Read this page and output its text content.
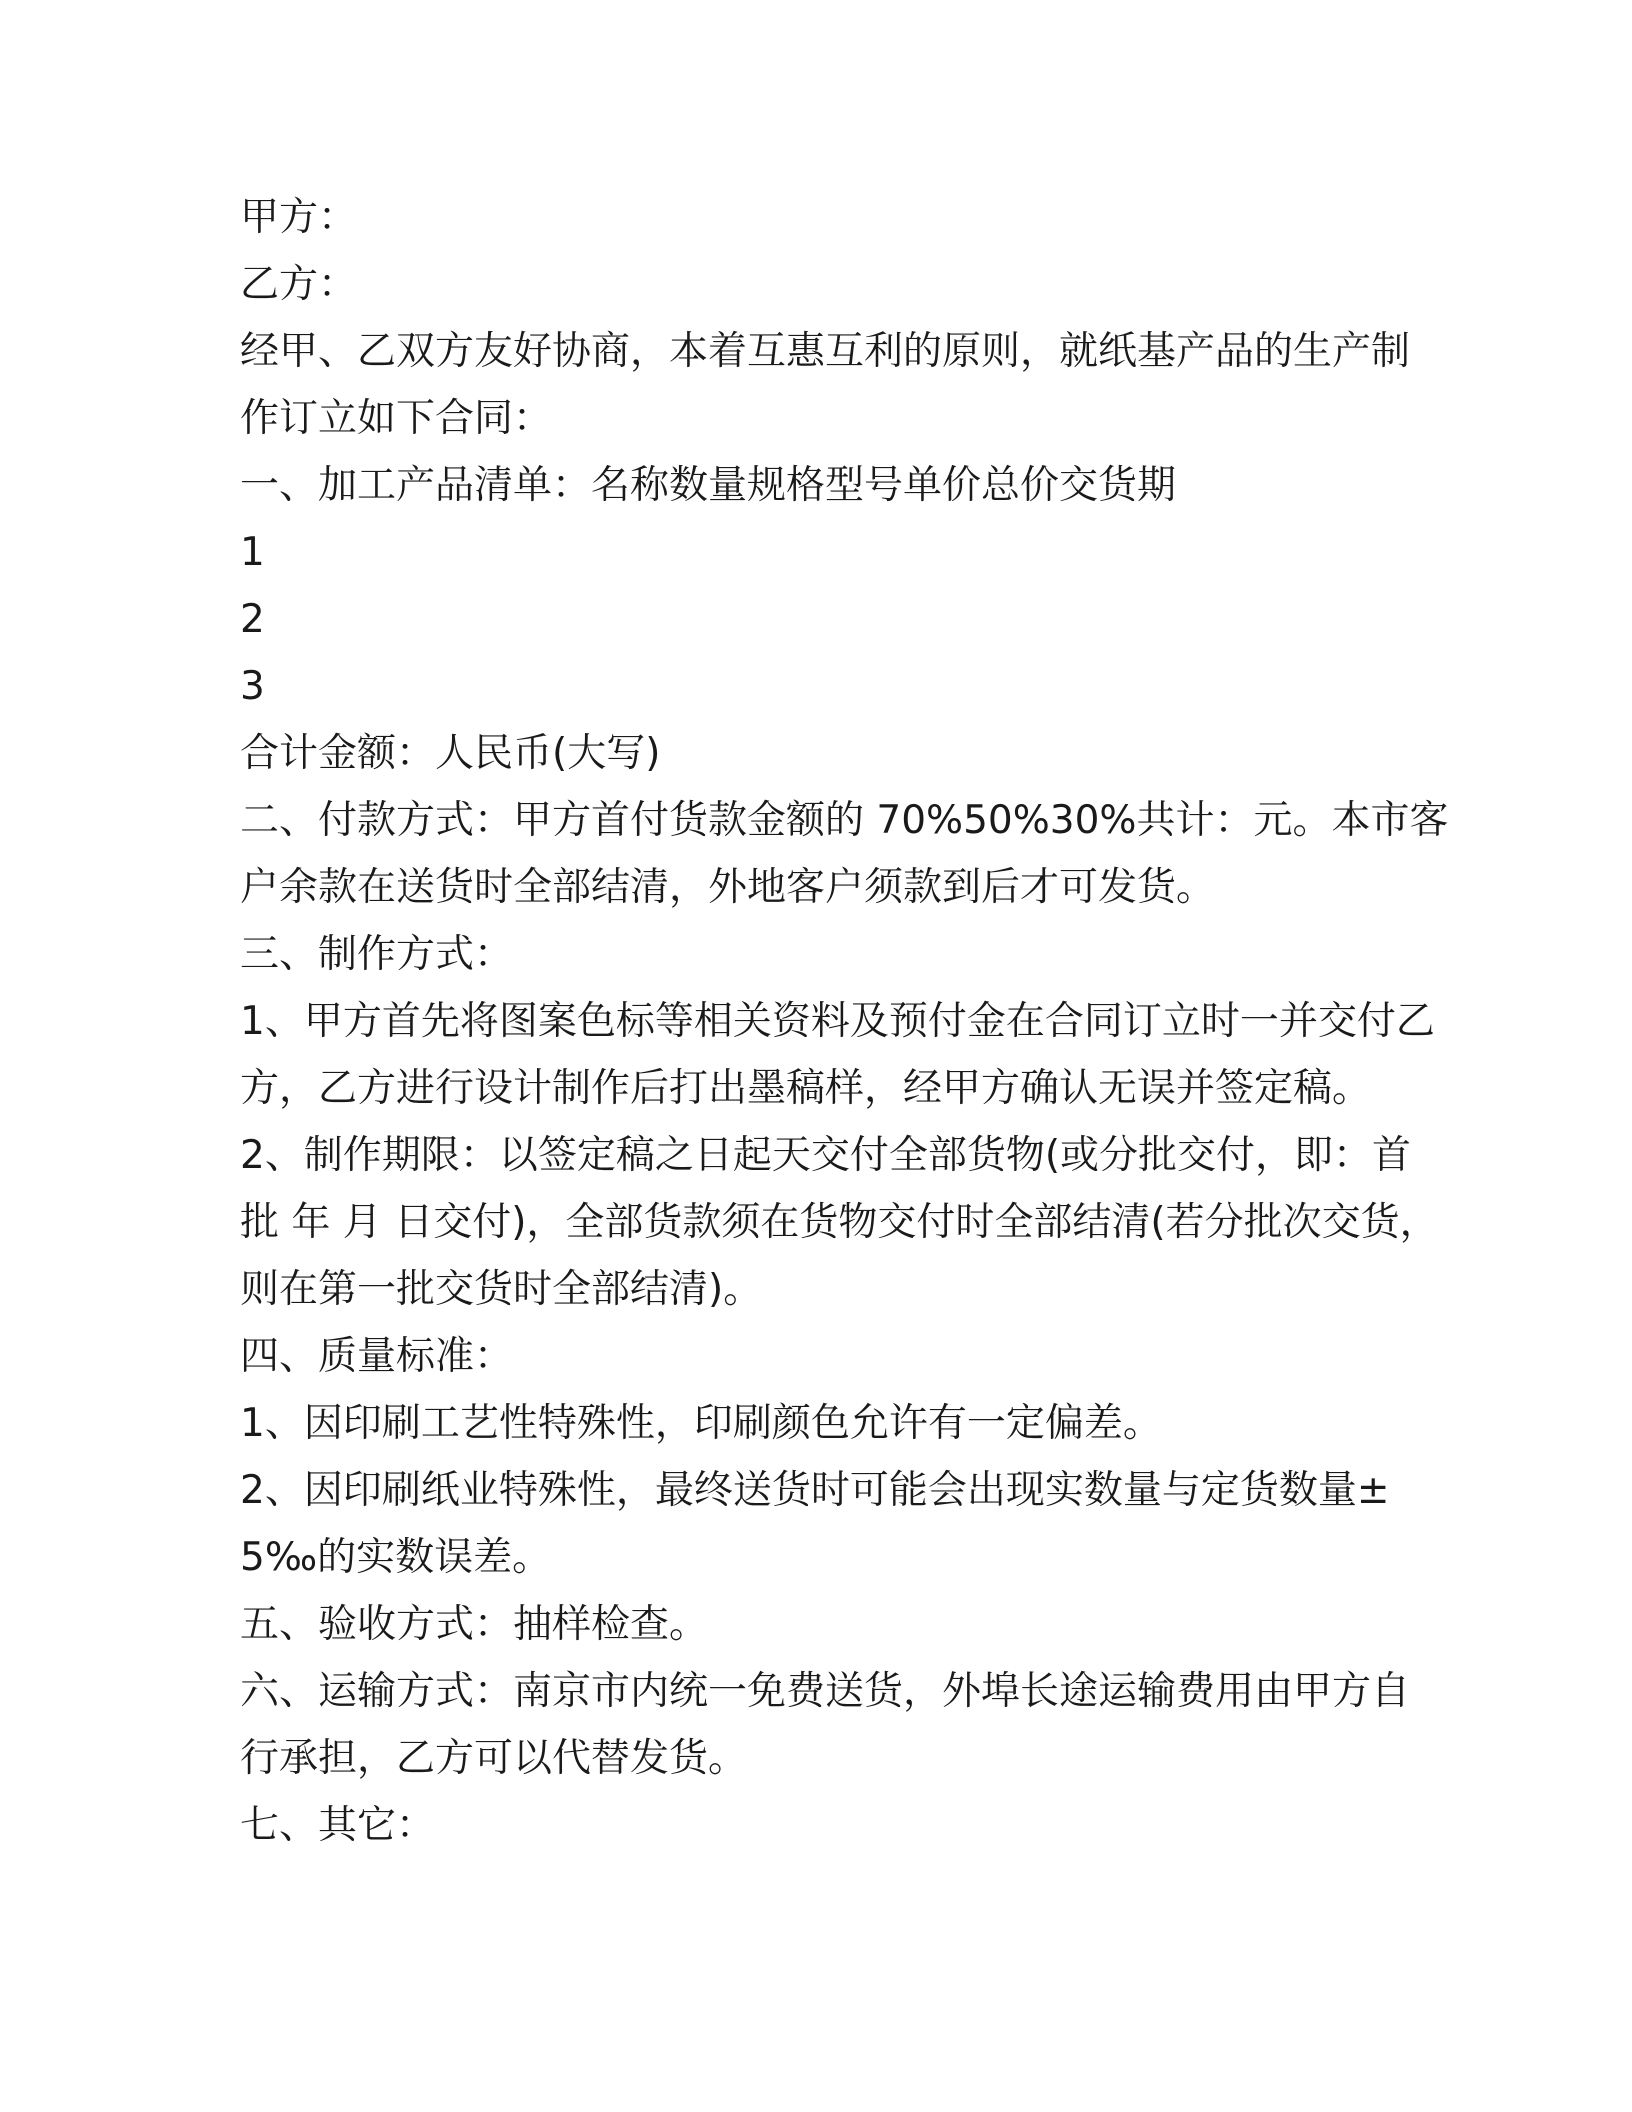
甲方：

乙方：

经甲、乙双方友好协商，本着互惠互利的原则，就纸基产品的生产制

作订立如下合同：

一、加工产品清单：名称数量规格型号单价总价交货期

1

2

3

合计金额：人民币(大写)

二、付款方式：甲方首付货款金额的 70%50%30%共计：元。本市客

户余款在送货时全部结清，外地客户须款到后才可发货。

三、制作方式：

1、甲方首先将图案色标等相关资料及预付金在合同订立时一并交付乙

方，乙方进行设计制作后打出墨稿样，经甲方确认无误并签定稿。

2、制作期限：以签定稿之日起天交付全部货物(或分批交付，即：首

批 年 月 日交付)，全部货款须在货物交付时全部结清(若分批次交货，

则在第一批交货时全部结清)。

四、质量标准：

1、因印刷工艺性特殊性，印刷颜色允许有一定偏差。

2、因印刷纸业特殊性，最终送货时可能会出现实数量与定货数量±

5‰的实数误差。

五、验收方式：抽样检查。

六、运输方式：南京市内统一免费送货，外埠长途运输费用由甲方自

行承担，乙方可以代替发货。

七、其它：
